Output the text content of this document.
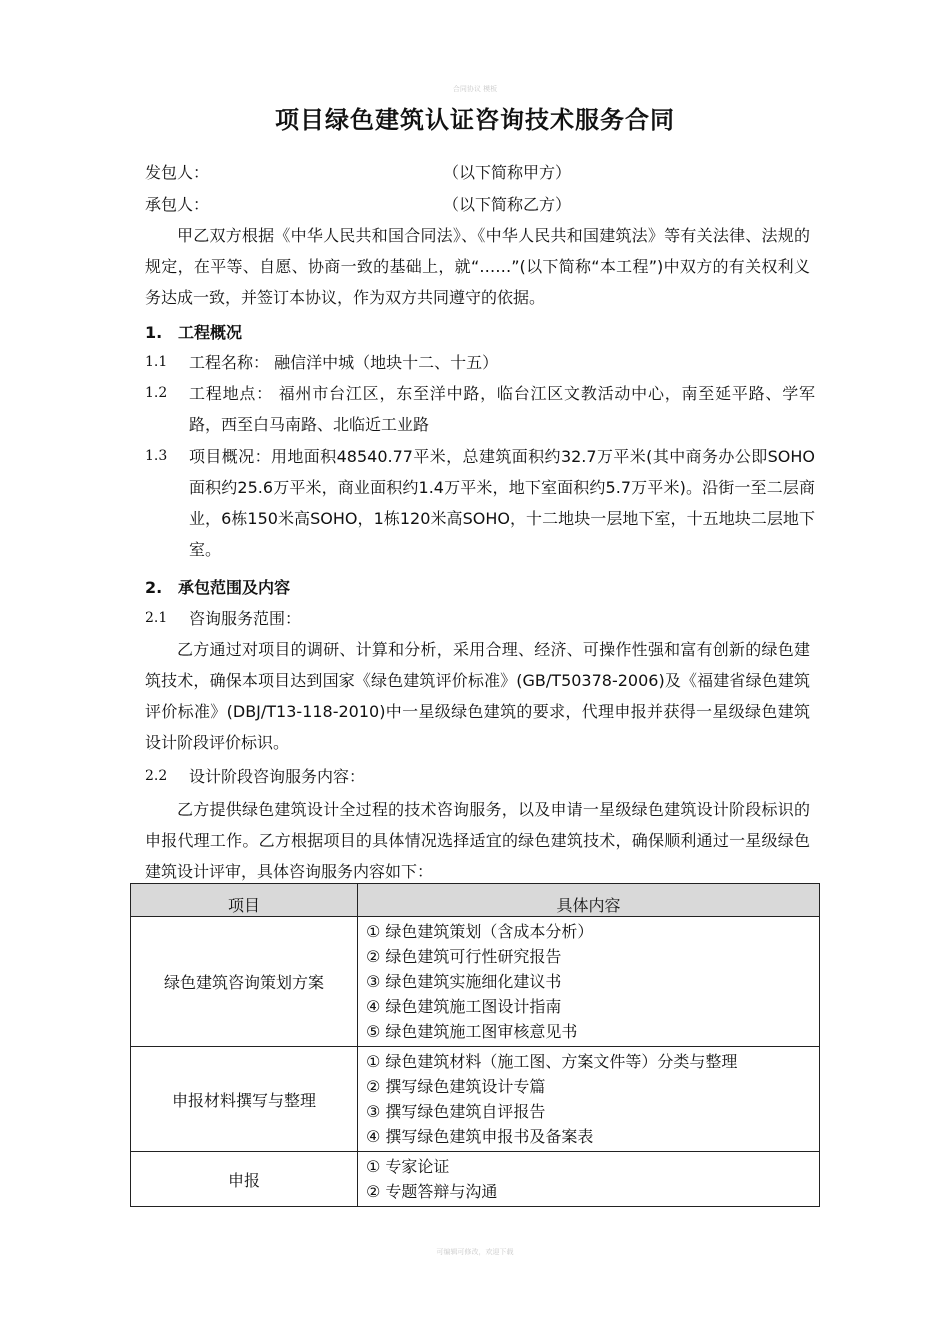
合同协议 模板
项目绿色建筑认证咨询技术服务合同
发包人：	（以下简称甲方）
承包人：	（以下简称乙方）

甲乙双方根据《中华人民共和国合同法》、《中华人民共和国建筑法》等有关法律、法规的规定，在平等、自愿、协商一致的基础上，就“……”(以下简称“本工程”)中双方的有关权利义务达成一致，并签订本协议，作为双方共同遵守的依据。

1. 工程概况
1.1	工程名称： 融信洋中城（地块十二、十五）
1.2	工程地点： 福州市台江区，东至洋中路，临台江区文教活动中心，南至延平路、学军路，西至白马南路、北临近工业路
1.3	项目概况：用地面积48540.77平米，总建筑面积约32.7万平米(其中商务办公即SOHO面积约25.6万平米，商业面积约1.4万平米，地下室面积约5.7万平米)。沿街一至二层商业，6栋150米高SOHO，1栋120米高SOHO，十二地块一层地下室，十五地块二层地下室。
2. 承包范围及内容
2.1	咨询服务范围：

乙方通过对项目的调研、计算和分析，采用合理、经济、可操作性强和富有创新的绿色建筑技术，确保本项目达到国家《绿色建筑评价标准》(GB/T50378-2006)及《福建省绿色建筑评价标准》(DBJ/T13-118-2010)中一星级绿色建筑的要求，代理申报并获得一星级绿色建筑设计阶段评价标识。

2.2	设计阶段咨询服务内容：

乙方提供绿色建筑设计全过程的技术咨询服务，以及申请一星级绿色建筑设计阶段标识的申报代理工作。乙方根据项目的具体情况选择适宜的绿色建筑技术，确保顺利通过一星级绿色建筑设计评审，具体咨询服务内容如下：

项目	具体内容
绿色建筑咨询策划方案	① 绿色建筑策划（含成本分析）
② 绿色建筑可行性研究报告
③ 绿色建筑实施细化建议书
④ 绿色建筑施工图设计指南
⑤ 绿色建筑施工图审核意见书

申报材料撰写与整理	① 绿色建筑材料（施工图、方案文件等）分类与整理
② 撰写绿色建筑设计专篇
③ 撰写绿色建筑自评报告
④ 撰写绿色建筑申报书及备案表

申报	① 专家论证
② 专题答辩与沟通
可编辑可修改，欢迎下载
